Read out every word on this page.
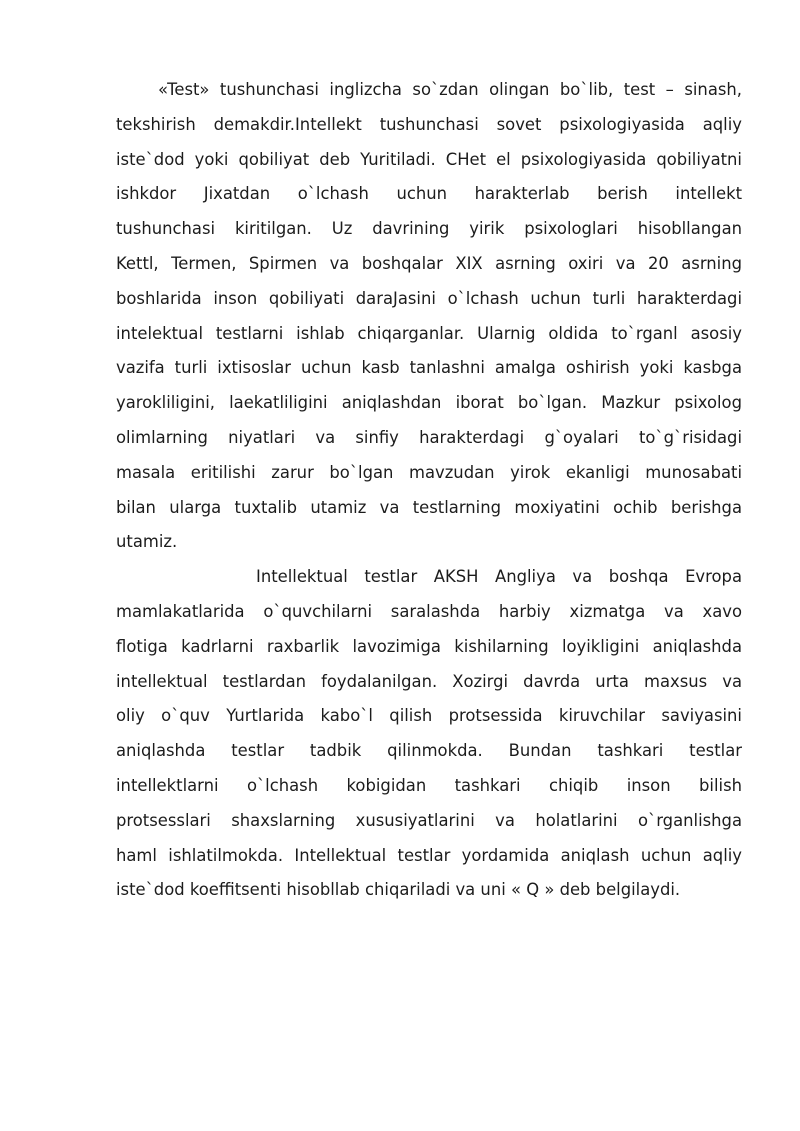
«Test» tushunchasi inglizcha so`zdan olingan bo`lib, test – sinash,
tekshirish demakdir.Intellekt tushunchasi sovet psixologiyasida aqliy
iste`dod yoki qobiliyat deb Yuritiladi. CHet el psixologiyasida qobiliyatni
ishkdor Jixatdan o`lchash uchun harakterlab berish intellekt
tushunchasi kiritilgan. Uz davrining yirik psixologlari hisobllangan
Kettl, Termen, Spirmen va boshqalar XIX asrning oxiri va 20 asrning
boshlarida inson qobiliyati daraJasini o`lchash uchun turli harakterdagi
intelektual testlarni ishlab chiqarganlar. Ularnig oldida to`rganl asosiy
vazifa turli ixtisoslar uchun kasb tanlashni amalga oshirish yoki kasbga
yarokliligini, laekatliligini aniqlashdan iborat bo`lgan. Mazkur psixolog
olimlarning niyatlari va sinfiy harakterdagi g`oyalari to`g`risidagi
masala eritilishi zarur bo`lgan mavzudan yirok ekanligi munosabati
bilan ularga tuxtalib utamiz va testlarning moxiyatini ochib berishga
utamiz.
Intellektual testlar AKSH Angliya va boshqa Evropa
mamlakatlarida o`quvchilarni saralashda harbiy xizmatga va xavo
flotiga kadrlarni raxbarlik lavozimiga kishilarning loyikligini aniqlashda
intellektual testlardan foydalanilgan. Xozirgi davrda urta maxsus va
oliy o`quv Yurtlarida kabo`l qilish protsessida kiruvchilar saviyasini
aniqlashda testlar tadbik qilinmokda. Bundan tashkari testlar
intellektlarni o`lchash kobigidan tashkari chiqib inson bilish
protsesslari shaxslarning xususiyatlarini va holatlarini o`rganlishga
haml ishlatilmokda. Intellektual testlar yordamida aniqlash uchun aqliy
iste`dod koeffitsenti hisobllab chiqariladi va uni « Q » deb belgilaydi.
